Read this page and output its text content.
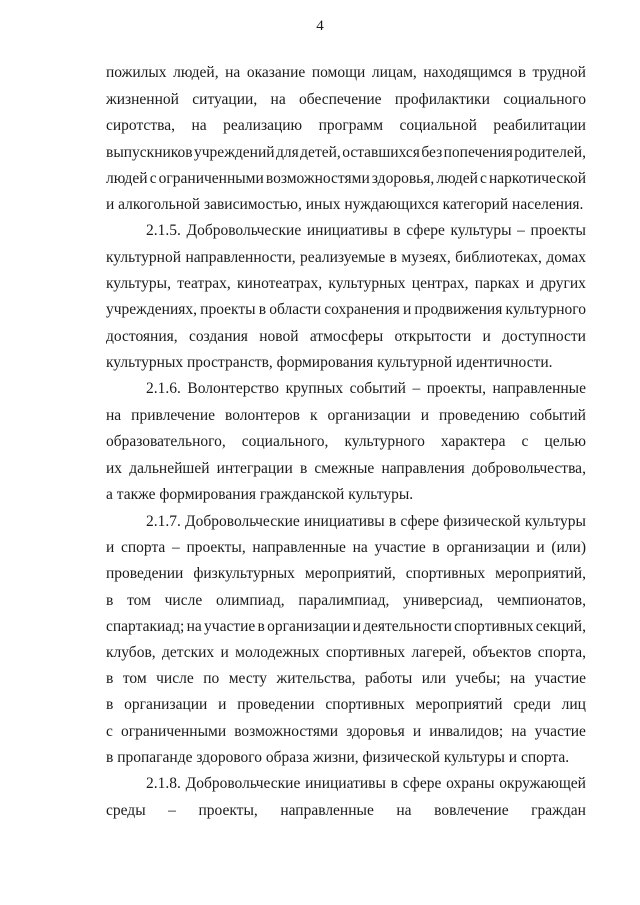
4
пожилых людей, на оказание помощи лицам, находящимся в трудной
жизненной ситуации, на обеспечение профилактики социального
сиротства, на реализацию программ социальной реабилитации
выпускников учреждений для детей, оставшихся без попечения родителей,
людей с ограниченными возможностями здоровья, людей с наркотической
и алкогольной зависимостью, иных нуждающихся категорий населения.
2.1.5. Добровольческие инициативы в сфере культуры – проекты
культурной направленности, реализуемые в музеях, библиотеках, домах
культуры, театрах, кинотеатрах, культурных центрах, парках и других
учреждениях, проекты в области сохранения и продвижения культурного
достояния, создания новой атмосферы открытости и доступности
культурных пространств, формирования культурной идентичности.
2.1.6. Волонтерство крупных событий – проекты, направленные
на привлечение волонтеров к организации и проведению событий
образовательного, социального, культурного характера с целью
их дальнейшей интеграции в смежные направления добровольчества,
а также формирования гражданской культуры.
2.1.7. Добровольческие инициативы в сфере физической культуры
и спорта – проекты, направленные на участие в организации и (или)
проведении физкультурных мероприятий, спортивных мероприятий,
в том числе олимпиад, паралимпиад, универсиад, чемпионатов,
спартакиад; на участие в организации и деятельности спортивных секций,
клубов, детских и молодежных спортивных лагерей, объектов спорта,
в том числе по месту жительства, работы или учебы; на участие
в организации и проведении спортивных мероприятий среди лиц
с ограниченными возможностями здоровья и инвалидов; на участие
в пропаганде здорового образа жизни, физической культуры и спорта.
2.1.8. Добровольческие инициативы в сфере охраны окружающей
среды – проекты, направленные на вовлечение граждан
